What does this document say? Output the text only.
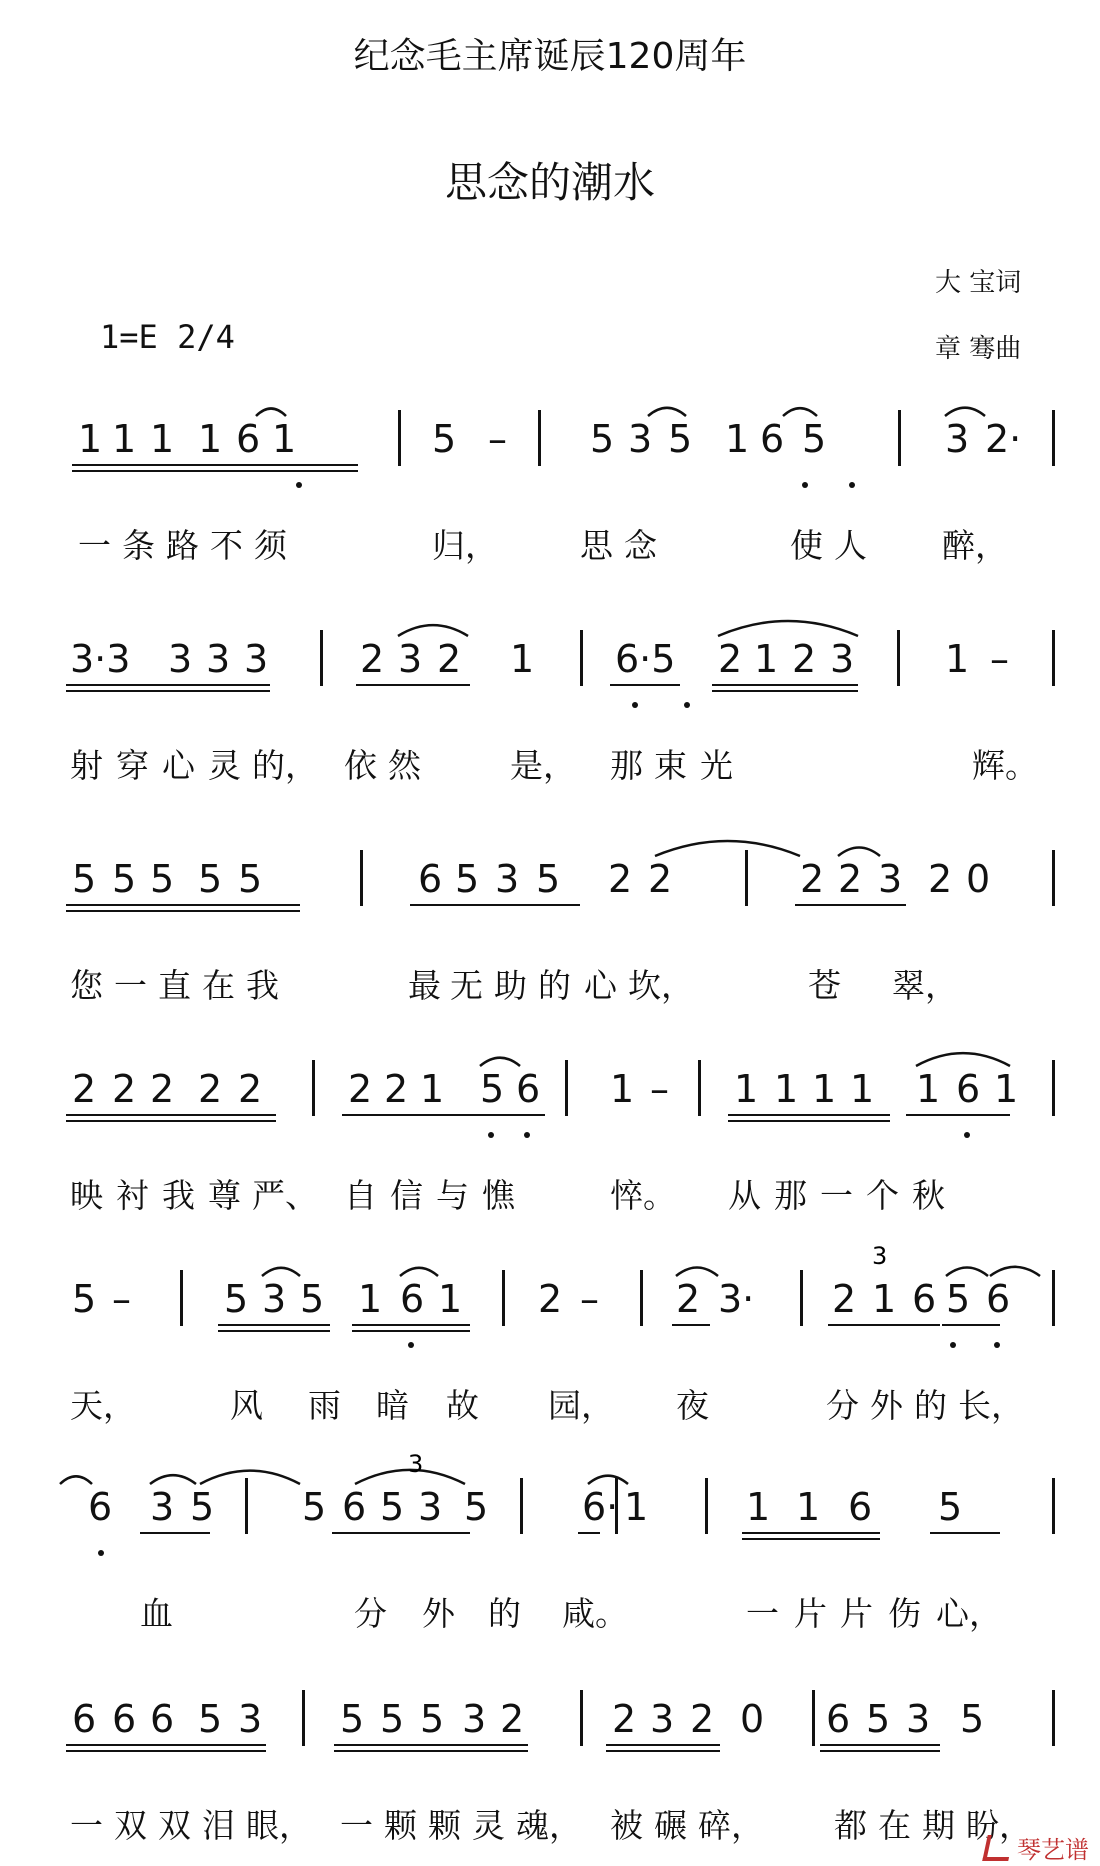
纪念毛主席诞辰120周年
思念的潮水
大 宝词
章 骞曲
1=E 2/4
1 1 1 1 6 1	5 – 5 3 5 1 6 5	3 2·
一 条 路 不 须	归， 思 念	使 人 醉，
3·3 3 3 3 2 3 2 1 6·5 2 1 2 3 1 –
射 穿 心 灵 的， 依 然	是， 那 束 光	辉。
5 5 5 5 5	6 5 3 5 2 2	2 2 3 2 0
您 一 直 在 我	最 无 助 的 心 坎，	苍 翠，
2 2 2 2 2 2 2 1 5 6 1 – 1 1 1 1 1 6 1
映 衬 我 尊 严、 自 信 与 憔	悴。 从 那 一 个 秋
5 – 5 3 5 1 6 1 2 – 2 3· 2 1 6 5 6
3
天，	风 雨 暗 故 园， 夜	分 外 的 长，
6 3 5 5 6 5 3 5 6· 1	1 1 6 5
3
血	分 外 的 咸。	一 片 片 伤 心，
6 6 6 5 3 5 5 5 3 2 2 3 2 0 6 5 3 5
一 双 双 泪 眼， 一 颗 颗 灵 魂， 被 碾 碎， 都 在 期 盼，
琴艺谱
